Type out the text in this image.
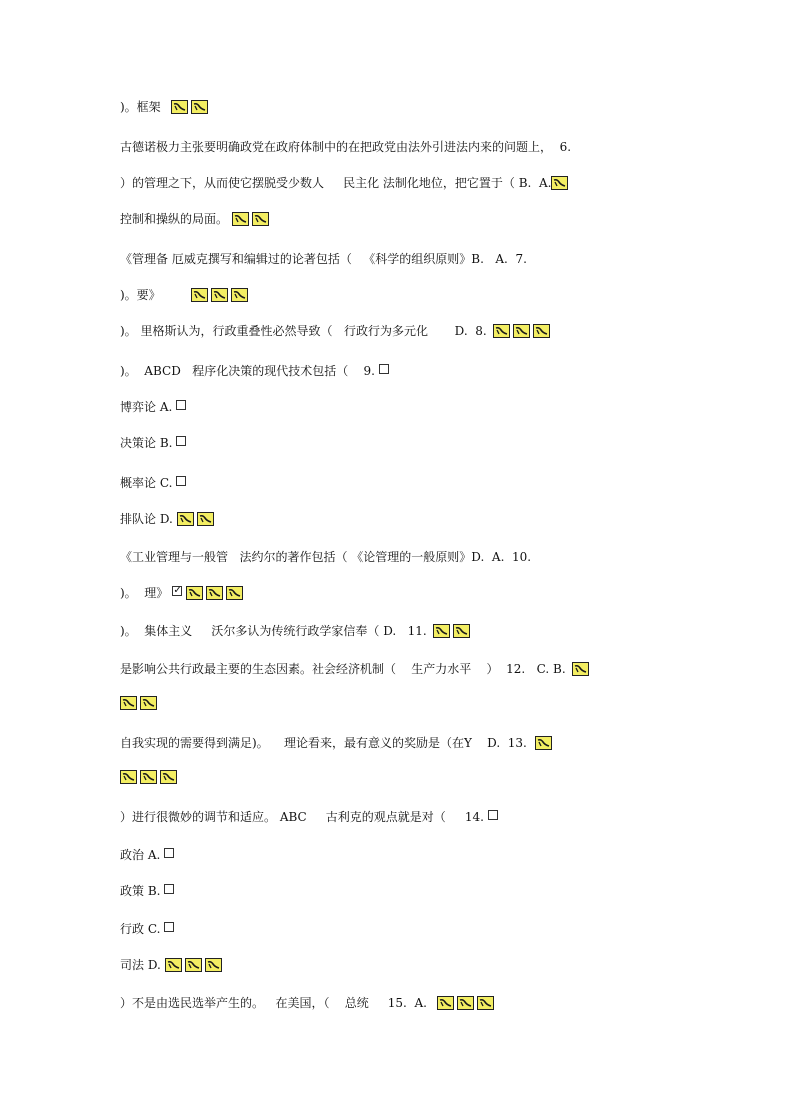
)。框架
古德诺极力主张要明确政党在政府体制中的在把政党由法外引进法内来的问题上，  6.
）的管理之下，从而使它摆脱受少数人     民主化 法制化地位，把它置于（ B.  A.
控制和操纵的局面。
《管理备 厄威克撰写和编辑过的论著包括（   《科学的组织原则》B.   A.  7.
)。要》
)。 里格斯认为，行政重叠性必然导致（   行政行为多元化       D.  8.
)。  ABCD   程序化决策的现代技术包括（    9.
博弈论 A.
决策论 B.
概率论 C.
排队论 D.
《工业管理与一般管   法约尔的著作包括（ 《论管理的一般原则》D.  A.  10.
)。  理》 ✓
)。  集体主义     沃尔多认为传统行政学家信奉（ D.   11.
是影响公共行政最主要的生态因素。社会经济机制（    生产力水平    ）  12.   C. B.
自我实现的需要得到满足)。    理论看来，最有意义的奖励是（在Y    D.  13.
）进行很微妙的调节和适应。 ABC     古利克的观点就是对（     14.
政治 A.
政策 B.
行政 C.
司法 D.
）不是由选民选举产生的。   在美国，（    总统     15.  A.
